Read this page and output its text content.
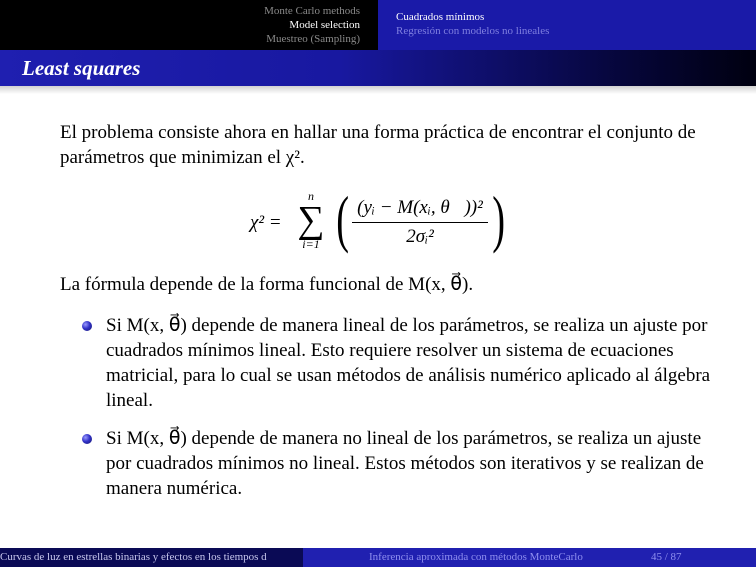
Monte Carlo methods
Model selection
Muestreo (Sampling)
Cuadrados mínimos
Regresión con modelos no lineales
Least squares

El problema consiste ahora en hallar una forma práctica de encontrar el conjunto de parámetros que minimizan el χ².

χ² =
n
∑
i=1 ( $\frac{\text{(yᵢ − M(xᵢ, θ⃗))²}}{\text{2σᵢ²}}$ )
La fórmula depende de la forma funcional de M(x, θ⃗).
Si M(x, θ⃗) depende de manera lineal de los parámetros, se realiza un ajuste por cuadrados mínimos lineal. Esto requiere resolver un sistema de ecuaciones matricial, para lo cual se usan métodos de análisis numérico aplicado al álgebra lineal.
Si M(x, θ⃗) depende de manera no lineal de los parámetros, se realiza un ajuste por cuadrados mínimos no lineal. Estos métodos son iterativos y se realizan de manera numérica.
Curvas de luz en estrellas binarias y efectos en los tiempos d	Inferencia aproximada con métodos MonteCarlo	45 / 87
